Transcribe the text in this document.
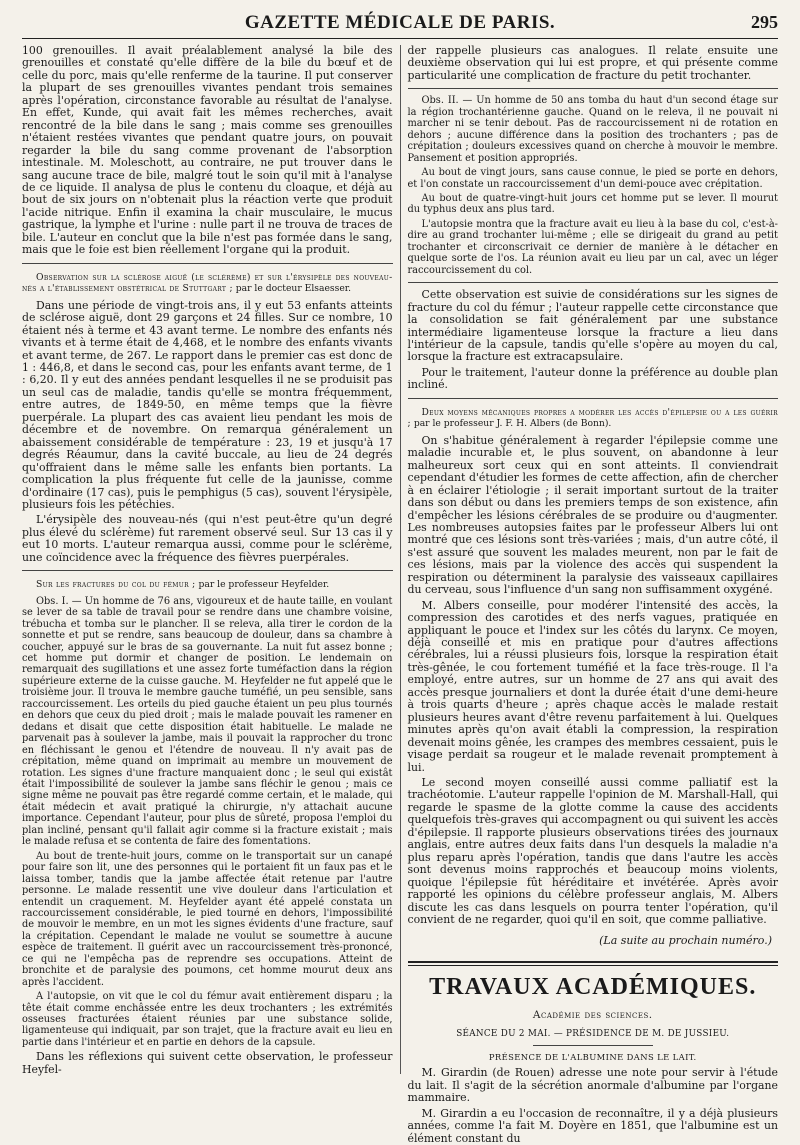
GAZETTE MÉDICALE DE PARIS.	295

100 grenouilles. Il avait préalablement analysé la bile des grenouilles et constaté qu'elle diffère de la bile du bœuf et de celle du porc, mais qu'elle renferme de la taurine. Il put conserver la plupart de ses grenouilles vivantes pendant trois semaines après l'opération, circonstance favorable au résultat de l'analyse. En effet, Kunde, qui avait fait les mêmes recherches, avait rencontré de la bile dans le sang ; mais comme ses grenouilles n'étaient restées vivantes que pendant quatre jours, on pouvait regarder la bile du sang comme provenant de l'absorption intestinale. M. Moleschott, au contraire, ne put trouver dans le sang aucune trace de bile, malgré tout le soin qu'il mit à l'analyse de ce liquide. Il analysa de plus le contenu du cloaque, et déjà au bout de six jours on n'obtenait plus la réaction verte que produit l'acide nitrique. Enfin il examina la chair musculaire, le mucus gastrique, la lymphe et l'urine : nulle part il ne trouva de traces de bile. L'auteur en conclut que la bile n'est pas formée dans le sang, mais que le foie est bien réellement l'organe qui la produit.

Observation sur la sclérose aiguë (le sclérème) et sur l'érysipèle des nouveau-nés a l'établissement obstétrical de Stuttgart ; par le docteur Elsaesser.

Dans une période de vingt-trois ans, il y eut 53 enfants atteints de sclérose aiguë, dont 29 garçons et 24 filles. Sur ce nombre, 10 étaient nés à terme et 43 avant terme. Le nombre des enfants nés vivants et à terme était de 4,468, et le nombre des enfants vivants et avant terme, de 267. Le rapport dans le premier cas est donc de 1 : 446,8, et dans le second cas, pour les enfants avant terme, de 1 : 6,20. Il y eut des années pendant lesquelles il ne se produisit pas un seul cas de maladie, tandis qu'elle se montra fréquemment, entre autres, de 1849-50, en même temps que la fièvre puerpérale. La plupart des cas avaient lieu pendant les mois de décembre et de novembre. On remarqua généralement un abaissement considérable de température : 23, 19 et jusqu'à 17 degrés Réaumur, dans la cavité buccale, au lieu de 24 degrés qu'offraient dans le même salle les enfants bien portants. La complication la plus fréquente fut celle de la jaunisse, comme d'ordinaire (17 cas), puis le pemphigus (5 cas), souvent l'érysipèle, plusieurs fois les pétéchies.

L'érysipèle des nouveau-nés (qui n'est peut-être qu'un degré plus élevé du sclérème) fut rarement observé seul. Sur 13 cas il y eut 10 morts. L'auteur remarqua aussi, comme pour le sclérème, une coïncidence avec la fréquence des fièvres puerpérales.

Sur les fractures du col du fémur ; par le professeur Heyfelder.

Obs. I. — Un homme de 76 ans, vigoureux et de haute taille, en voulant se lever de sa table de travail pour se rendre dans une chambre voisine, trébucha et tomba sur le plancher. Il se releva, alla tirer le cordon de la sonnette et put se rendre, sans beaucoup de douleur, dans sa chambre à coucher, appuyé sur le bras de sa gouvernante. La nuit fut assez bonne ; cet homme put dormir et changer de position. Le lendemain on remarquait des sugillations et une assez forte tuméfaction dans la région supérieure externe de la cuisse gauche. M. Heyfelder ne fut appelé que le troisième jour. Il trouva le membre gauche tuméfié, un peu sensible, sans raccourcissement. Les orteils du pied gauche étaient un peu plus tournés en dehors que ceux du pied droit ; mais le malade pouvait les ramener en dedans et disait que cette disposition était habituelle. Le malade ne parvenait pas à soulever la jambe, mais il pouvait la rapprocher du tronc en fléchissant le genou et l'étendre de nouveau. Il n'y avait pas de crépitation, même quand on imprimait au membre un mouvement de rotation. Les signes d'une fracture manquaient donc ; le seul qui existât était l'impossibilité de soulever la jambe sans fléchir le genou ; mais ce signe même ne pouvait pas être regardé comme certain, et le malade, qui était médecin et avait pratiqué la chirurgie, n'y attachait aucune importance. Cependant l'auteur, pour plus de sûreté, proposa l'emploi du plan incliné, pensant qu'il fallait agir comme si la fracture existait ; mais le malade refusa et se contenta de faire des fomentations.

Au bout de trente-huit jours, comme on le transportait sur un canapé pour faire son lit, une des personnes qui le portaient fit un faux pas et le laissa tomber, tandis que la jambe affectée était retenue par l'autre personne. Le malade ressentit une vive douleur dans l'articulation et entendit un craquement. M. Heyfelder ayant été appelé constata un raccourcissement considérable, le pied tourné en dehors, l'impossibilité de mouvoir le membre, en un mot les signes évidents d'une fracture, sauf la crépitation. Cependant le malade ne voulut se soumettre à aucune espèce de traitement. Il guérit avec un raccourcissement très-prononcé, ce qui ne l'empêcha pas de reprendre ses occupations. Atteint de bronchite et de paralysie des poumons, cet homme mourut deux ans après l'accident.

A l'autopsie, on vit que le col du fémur avait entièrement disparu ; la tête était comme enchâssée entre les deux trochanters ; les extrémités osseuses fracturées étaient réunies par une substance solide, ligamenteuse qui indiquait, par son trajet, que la fracture avait eu lieu en partie dans l'intérieur et en partie en dehors de la capsule.

Dans les réflexions qui suivent cette observation, le professeur Heyfel-

der rappelle plusieurs cas analogues. Il relate ensuite une deuxième observation qui lui est propre, et qui présente comme particularité une complication de fracture du petit trochanter.

Obs. II. — Un homme de 50 ans tomba du haut d'un second étage sur la région trochantérienne gauche. Quand on le releva, il ne pouvait ni marcher ni se tenir debout. Pas de raccourcissement ni de rotation en dehors ; aucune différence dans la position des trochanters ; pas de crépitation ; douleurs excessives quand on cherche à mouvoir le membre. Pansement et position appropriés.

Au bout de vingt jours, sans cause connue, le pied se porte en dehors, et l'on constate un raccourcissement d'un demi-pouce avec crépitation.

Au bout de quatre-vingt-huit jours cet homme put se lever. Il mourut du typhus deux ans plus tard.

L'autopsie montra que la fracture avait eu lieu à la base du col, c'est-à-dire au grand trochanter lui-même ; elle se dirigeait du grand au petit trochanter et circonscrivait ce dernier de manière à le détacher en quelque sorte de l'os. La réunion avait eu lieu par un cal, avec un léger raccourcissement du col.

Cette observation est suivie de considérations sur les signes de fracture du col du fémur ; l'auteur rappelle cette circonstance que la consolidation se fait généralement par une substance intermédiaire ligamenteuse lorsque la fracture a lieu dans l'intérieur de la capsule, tandis qu'elle s'opère au moyen du cal, lorsque la fracture est extracapsulaire.

Pour le traitement, l'auteur donne la préférence au double plan incliné.

Deux moyens mécaniques propres a modérer les accès d'épilepsie ou a les guérir ; par le professeur J. F. H. Albers (de Bonn).

On s'habitue généralement à regarder l'épilepsie comme une maladie incurable et, le plus souvent, on abandonne à leur malheureux sort ceux qui en sont atteints. Il conviendrait cependant d'étudier les formes de cette affection, afin de chercher à en éclairer l'étiologie ; il serait important surtout de la traiter dans son début ou dans les premiers temps de son existence, afin d'empêcher les lésions cérébrales de se produire ou d'augmenter. Les nombreuses autopsies faites par le professeur Albers lui ont montré que ces lésions sont très-variées ; mais, d'un autre côté, il s'est assuré que souvent les malades meurent, non par le fait de ces lésions, mais par la violence des accès qui suspendent la respiration ou déterminent la paralysie des vaisseaux capillaires du cerveau, sous l'influence d'un sang non suffisamment oxygéné.

M. Albers conseille, pour modérer l'intensité des accès, la compression des carotides et des nerfs vagues, pratiquée en appliquant le pouce et l'index sur les côtés du larynx. Ce moyen, déjà conseillé et mis en pratique pour d'autres affections cérébrales, lui a réussi plusieurs fois, lorsque la respiration était très-gênée, le cou fortement tuméfié et la face très-rouge. Il l'a employé, entre autres, sur un homme de 27 ans qui avait des accès presque journaliers et dont la durée était d'une demi-heure à trois quarts d'heure ; après chaque accès le malade restait plusieurs heures avant d'être revenu parfaitement à lui. Quelques minutes après qu'on avait établi la compression, la respiration devenait moins gênée, les crampes des membres cessaient, puis le visage perdait sa rougeur et le malade revenait promptement à lui.

Le second moyen conseillé aussi comme palliatif est la trachéotomie. L'auteur rappelle l'opinion de M. Marshall-Hall, qui regarde le spasme de la glotte comme la cause des accidents quelquefois très-graves qui accompagnent ou qui suivent les accès d'épilepsie. Il rapporte plusieurs observations tirées des journaux anglais, entre autres deux faits dans l'un desquels la maladie n'a plus reparu après l'opération, tandis que dans l'autre les accès sont devenus moins rapprochés et beaucoup moins violents, quoique l'épilepsie fût héréditaire et invétérée. Après avoir rapporté les opinions du célèbre professeur anglais, M. Albers discute les cas dans lesquels on pourra tenter l'opération, qu'il convient de ne regarder, quoi qu'il en soit, que comme palliative.

(La suite au prochain numéro.)
TRAVAUX ACADÉMIQUES.
Académie des sciences.
SÉANCE DU 2 MAI. — PRÉSIDENCE DE M. DE JUSSIEU.
PRÉSENCE DE L'ALBUMINE DANS LE LAIT.

M. Girardin (de Rouen) adresse une note pour servir à l'étude du lait. Il s'agit de la sécrétion anormale d'albumine par l'organe mammaire.

M. Girardin a eu l'occasion de reconnaître, il y a déjà plusieurs années, comme l'a fait M. Doyère en 1851, que l'albumine est un élément constant du
